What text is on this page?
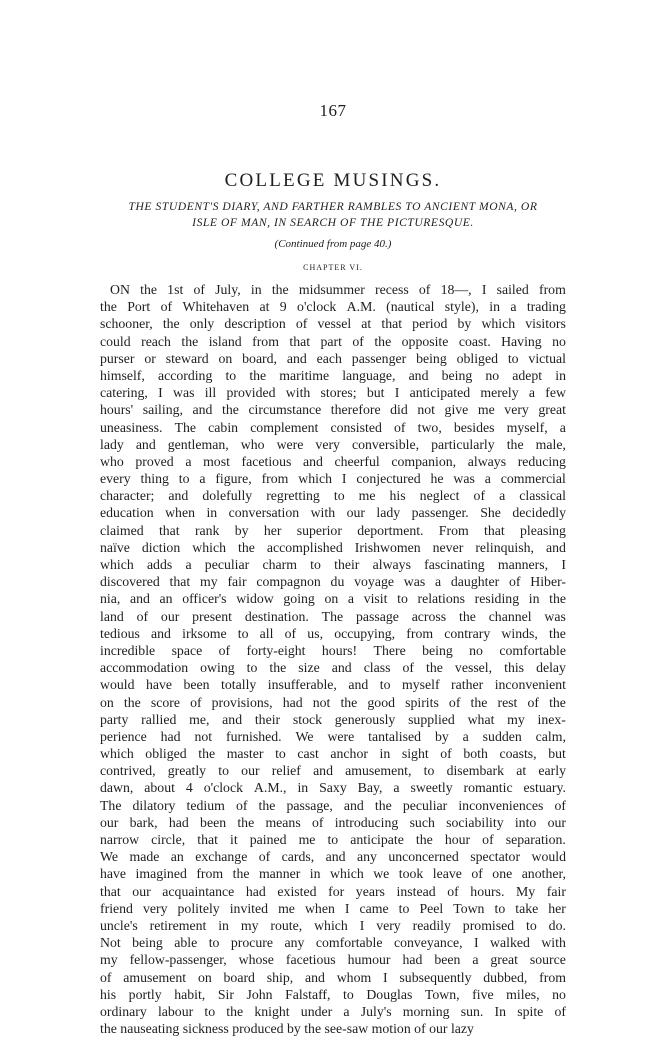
167
COLLEGE MUSINGS.
THE STUDENT'S DIARY, AND FARTHER RAMBLES TO ANCIENT MONA, OR
ISLE OF MAN, IN SEARCH OF THE PICTURESQUE.
(Continued from page 40.)
CHAPTER VI.
ON the 1st of July, in the midsummer recess of 18—, I sailed from
the Port of Whitehaven at 9 o'clock A.M. (nautical style), in a trading
schooner, the only description of vessel at that period by which visitors
could reach the island from that part of the opposite coast. Having no
purser or steward on board, and each passenger being obliged to victual
himself, according to the maritime language, and being no adept in
catering, I was ill provided with stores; but I anticipated merely a few
hours' sailing, and the circumstance therefore did not give me very great
uneasiness. The cabin complement consisted of two, besides myself, a
lady and gentleman, who were very conversible, particularly the male,
who proved a most facetious and cheerful companion, always reducing
every thing to a figure, from which I conjectured he was a commercial
character; and dolefully regretting to me his neglect of a classical
education when in conversation with our lady passenger. She decidedly
claimed that rank by her superior deportment. From that pleasing
naïve diction which the accomplished Irishwomen never relinquish, and
which adds a peculiar charm to their always fascinating manners, I
discovered that my fair compagnon du voyage was a daughter of Hiber-
nia, and an officer's widow going on a visit to relations residing in the
land of our present destination. The passage across the channel was
tedious and irksome to all of us, occupying, from contrary winds, the
incredible space of forty-eight hours! There being no comfortable
accommodation owing to the size and class of the vessel, this delay
would have been totally insufferable, and to myself rather inconvenient
on the score of provisions, had not the good spirits of the rest of the
party rallied me, and their stock generously supplied what my inex-
perience had not furnished. We were tantalised by a sudden calm,
which obliged the master to cast anchor in sight of both coasts, but
contrived, greatly to our relief and amusement, to disembark at early
dawn, about 4 o'clock A.M., in Saxy Bay, a sweetly romantic estuary.
The dilatory tedium of the passage, and the peculiar inconveniences of
our bark, had been the means of introducing such sociability into our
narrow circle, that it pained me to anticipate the hour of separation.
We made an exchange of cards, and any unconcerned spectator would
have imagined from the manner in which we took leave of one another,
that our acquaintance had existed for years instead of hours. My fair
friend very politely invited me when I came to Peel Town to take her
uncle's retirement in my route, which I very readily promised to do.
Not being able to procure any comfortable conveyance, I walked with
my fellow-passenger, whose facetious humour had been a great source
of amusement on board ship, and whom I subsequently dubbed, from
his portly habit, Sir John Falstaff, to Douglas Town, five miles, no
ordinary labour to the knight under a July's morning sun. In spite of
the nauseating sickness produced by the see-saw motion of our lazy
